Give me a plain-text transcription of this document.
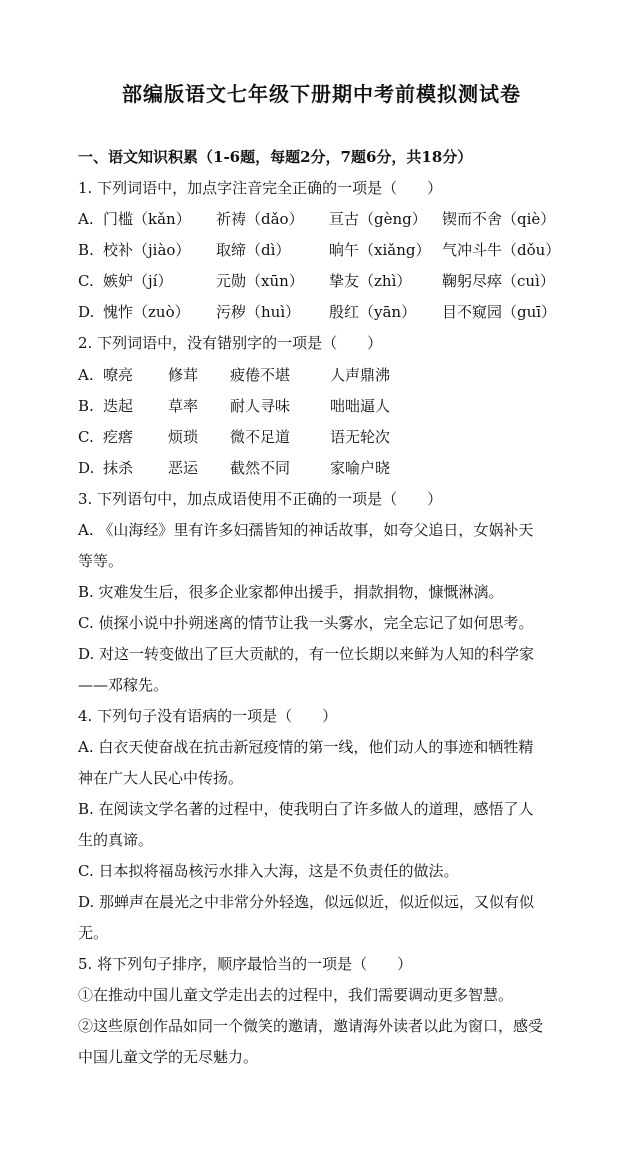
部编版语文七年级下册期中考前模拟测试卷
一、语文知识积累（1-6题，每题2分，7题6分，共18分）
1. 下列词语中，加点字注音完全正确的一项是（　　）
A. 门槛（kǎn）	祈祷（dǎo）	亘古（gèng）	锲而不舍（qiè）
B. 校补（jiào）	取缔（dì）	晌午（xiǎng） 气冲斗牛（dǒu）
C. 嫉妒（jí）	元勋（xūn）	挚友（zhì）	鞠躬尽瘁（cuì）
D. 愧怍（zuò）	污秽（huì）	殷红（yān）	目不窥园（guī）
2. 下列词语中，没有错别字的一项是（　　）
A. 嘹亮	修茸	疲倦不堪	人声鼎沸
B. 迭起	草率	耐人寻味	咄咄逼人
C. 疙瘩	烦琐	微不足道	语无轮次
D. 抹杀	恶运	截然不同	家喻户晓
3. 下列语句中，加点成语使用不正确的一项是（　　）
A. 《山海经》里有许多妇孺皆知的神话故事，如夸父追日，女娲补天
等等。
B. 灾难发生后，很多企业家都伸出援手，捐款捐物，慷慨淋漓。
C. 侦探小说中扑朔迷离的情节让我一头雾水，完全忘记了如何思考。
D. 对这一转变做出了巨大贡献的，有一位长期以来鲜为人知的科学家
——邓稼先。
4. 下列句子没有语病的一项是（　　）
A. 白衣天使奋战在抗击新冠疫情的第一线，他们动人的事迹和牺牲精
神在广大人民心中传扬。
B. 在阅读文学名著的过程中，使我明白了许多做人的道理，感悟了人
生的真谛。
C. 日本拟将福岛核污水排入大海，这是不负责任的做法。
D. 那蝉声在晨光之中非常分外轻逸，似远似近，似近似远，又似有似
无。
5. 将下列句子排序，顺序最恰当的一项是（　　）
①在推动中国儿童文学走出去的过程中，我们需要调动更多智慧。
②这些原创作品如同一个微笑的邀请，邀请海外读者以此为窗口，感受
中国儿童文学的无尽魅力。
